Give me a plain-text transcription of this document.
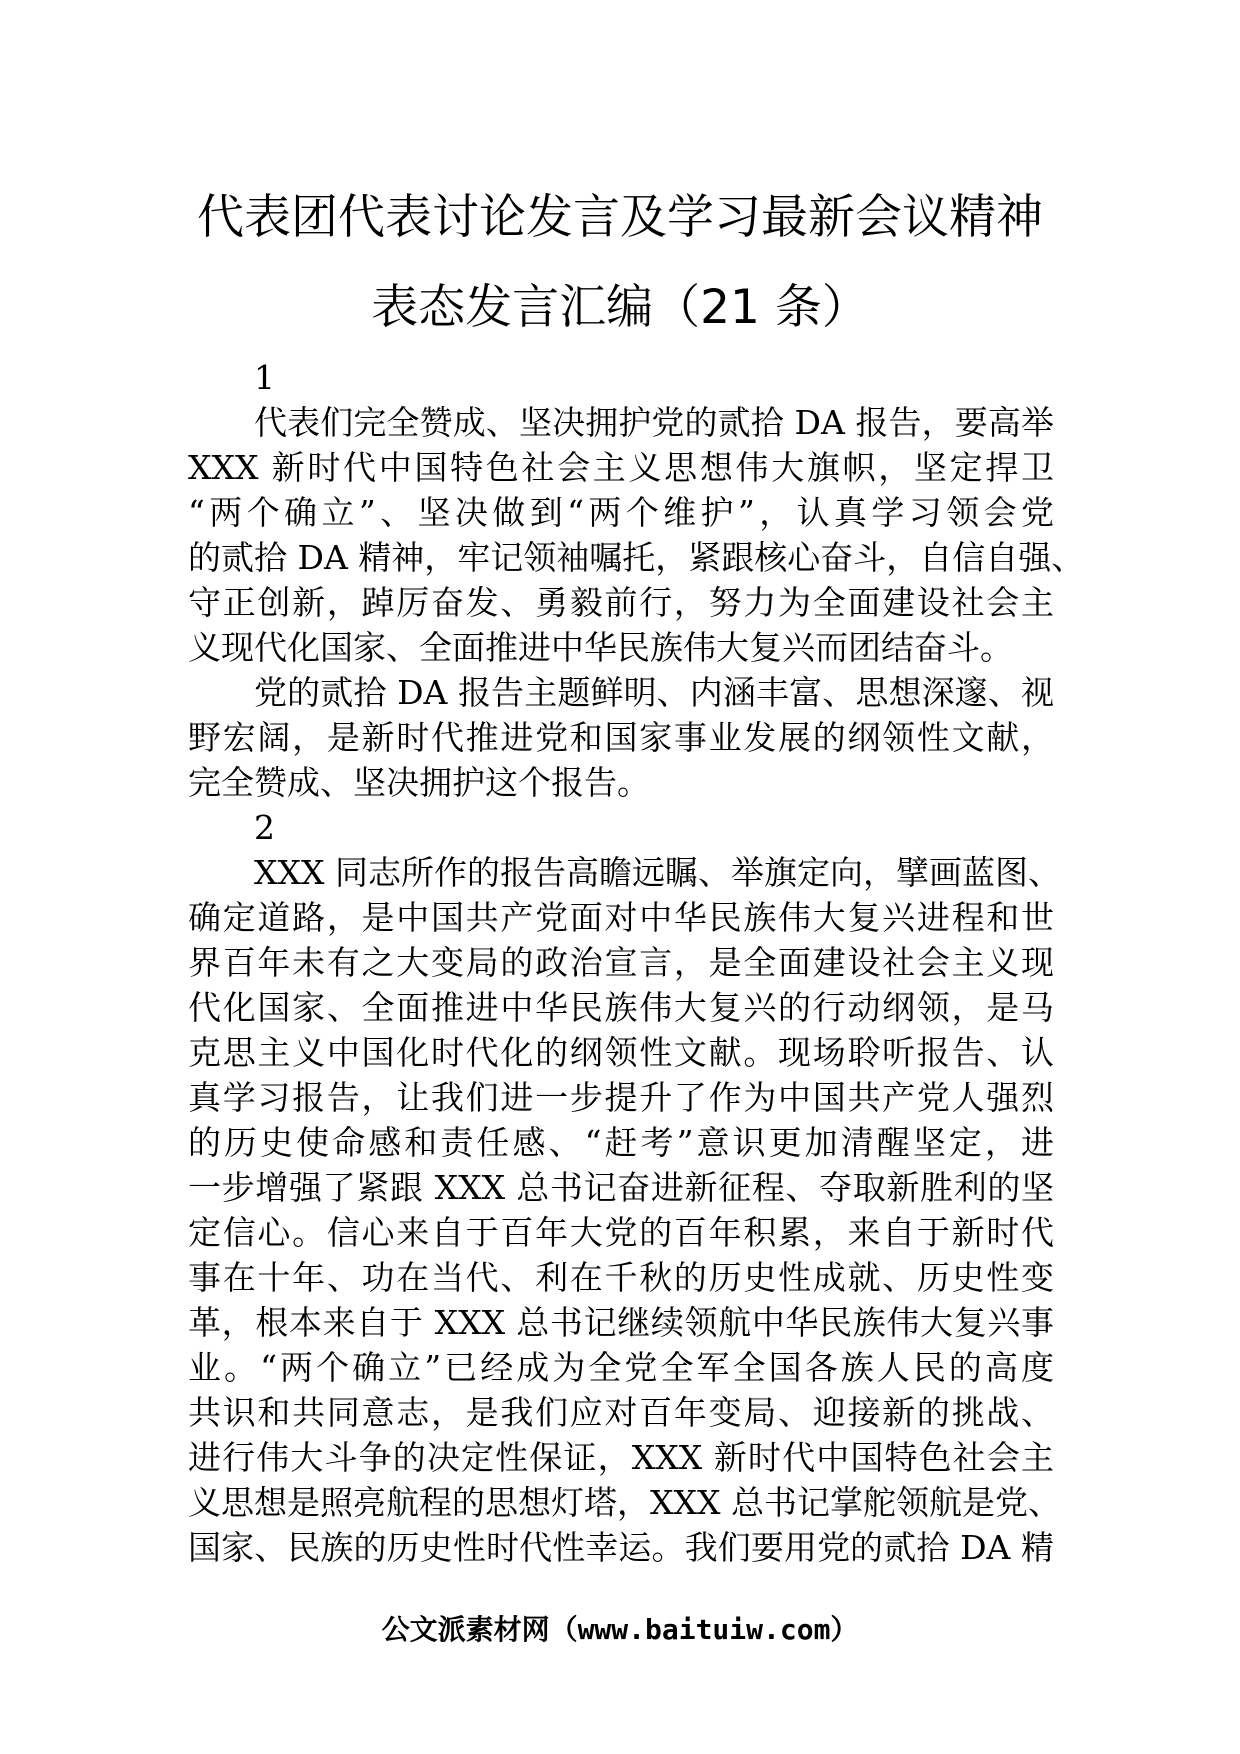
代表团代表讨论发言及学习最新会议精神
表态发言汇编（21 条）
1
代表们完全赞成、坚决拥护党的贰拾 DA 报告，要高举
XXX 新时代中国特色社会主义思想伟大旗帜，坚定捍卫
“两个确立”、坚决做到“两个维护”，认真学习领会党
的贰拾 DA 精神，牢记领袖嘱托，紧跟核心奋斗，自信自强、
守正创新，踔厉奋发、勇毅前行，努力为全面建设社会主
义现代化国家、全面推进中华民族伟大复兴而团结奋斗。
党的贰拾 DA 报告主题鲜明、内涵丰富、思想深邃、视
野宏阔，是新时代推进党和国家事业发展的纲领性文献，
完全赞成、坚决拥护这个报告。
2
XXX 同志所作的报告高瞻远瞩、举旗定向，擘画蓝图、
确定道路，是中国共产党面对中华民族伟大复兴进程和世
界百年未有之大变局的政治宣言，是全面建设社会主义现
代化国家、全面推进中华民族伟大复兴的行动纲领，是马
克思主义中国化时代化的纲领性文献。现场聆听报告、认
真学习报告，让我们进一步提升了作为中国共产党人强烈
的历史使命感和责任感、“赶考”意识更加清醒坚定，进
一步增强了紧跟 XXX 总书记奋进新征程、夺取新胜利的坚
定信心。信心来自于百年大党的百年积累，来自于新时代
事在十年、功在当代、利在千秋的历史性成就、历史性变
革，根本来自于 XXX 总书记继续领航中华民族伟大复兴事
业。“两个确立”已经成为全党全军全国各族人民的高度
共识和共同意志，是我们应对百年变局、迎接新的挑战、
进行伟大斗争的决定性保证，XXX 新时代中国特色社会主
义思想是照亮航程的思想灯塔，XXX 总书记掌舵领航是党、
国家、民族的历史性时代性幸运。我们要用党的贰拾 DA 精
公文派素材网（www.baituiw.com）
